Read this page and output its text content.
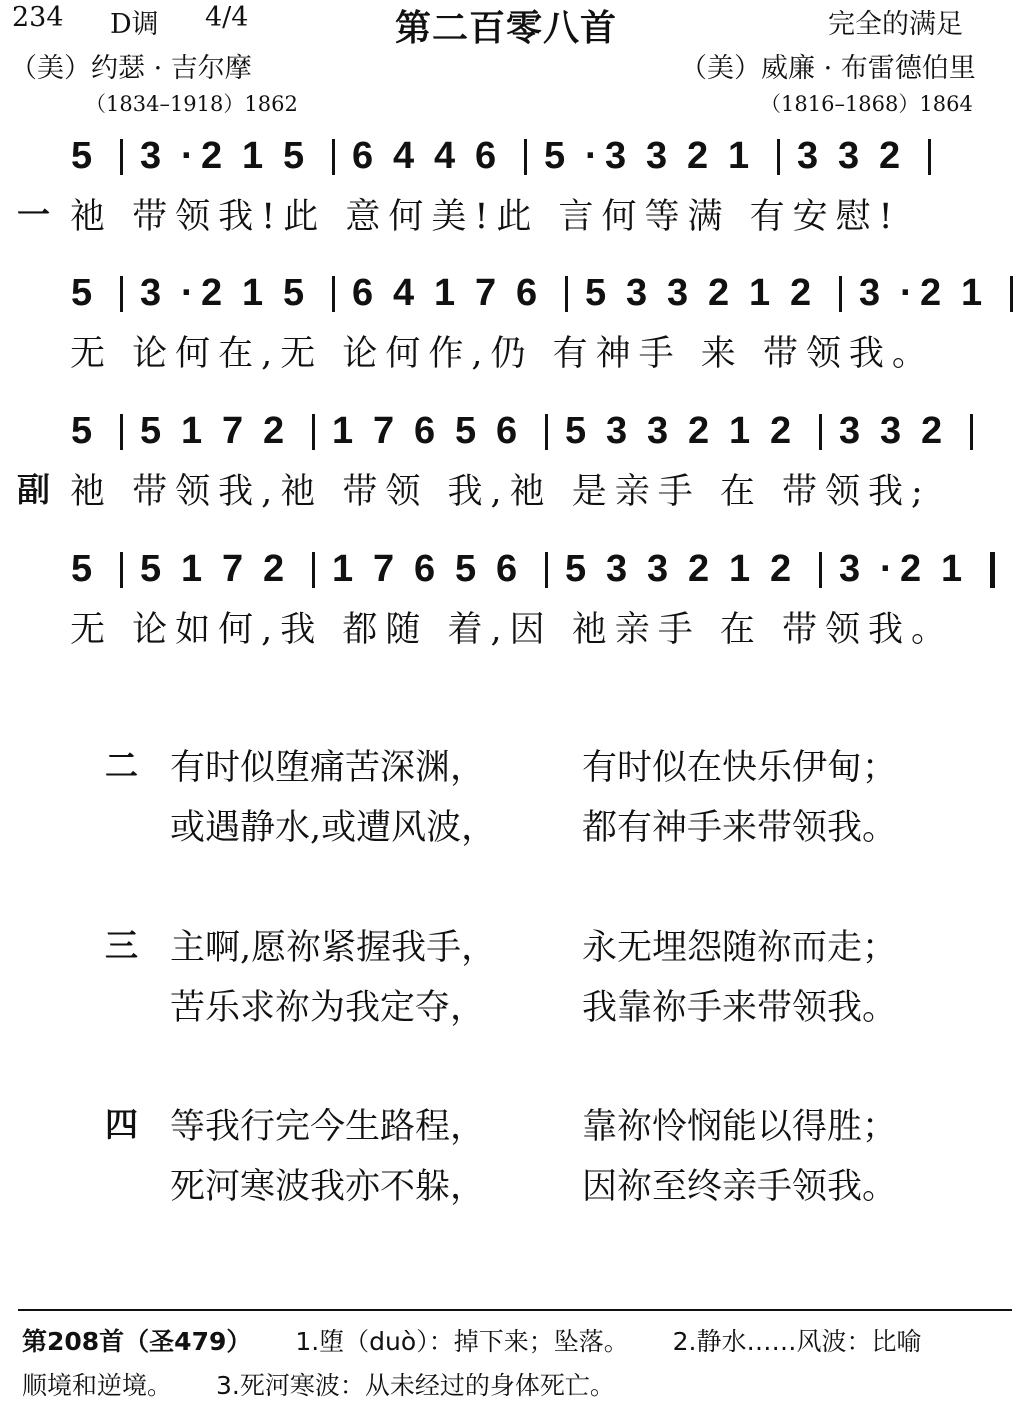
234 D调 4/4	第二百零八首	完全的满足
（美）约瑟 · 吉尔摩
（1834–1918）1862
（美）威廉 · 布雷德伯里
（1816–1868）1864
5 3 · 2 1 5 6 4 4 6 5 · 3 3 2 1 3 3 2
一 祂 带领我!此 意何美!此 言何等满 有安慰!
5 3 · 2 1 5 6 4 1 7 6 5 3 3 2 1 2 3 · 2 1
无 论何在,无 论何作,仍 有神手 来 带领我。
5 5 1 7 2 1 7 6 5 6 5 3 3 2 1 2 3 3 2
副 祂 带领我,祂 带领 我,祂 是亲手 在 带领我;
5 5 1 7 2 1 7 6 5 6 5 3 3 2 1 2 3 · 2 1
无 论如何,我 都随 着,因 祂亲手 在 带领我。
二 有时似堕痛苦深渊，	有时似在快乐伊甸；
或遇静水,或遭风波， 都有神手来带领我。
三 主啊,愿祢紧握我手， 永无埋怨随祢而走；
苦乐求祢为我定夺，	我靠祢手来带领我。
四 等我行完今生路程，	靠祢怜悯能以得胜；
死河寒波我亦不躲，	因祢至终亲手领我。
第208首（圣479） 1.堕（duò）：掉下来；坠落。 2.静水……风波：比喻
顺境和逆境。 3.死河寒波：从未经过的身体死亡。
